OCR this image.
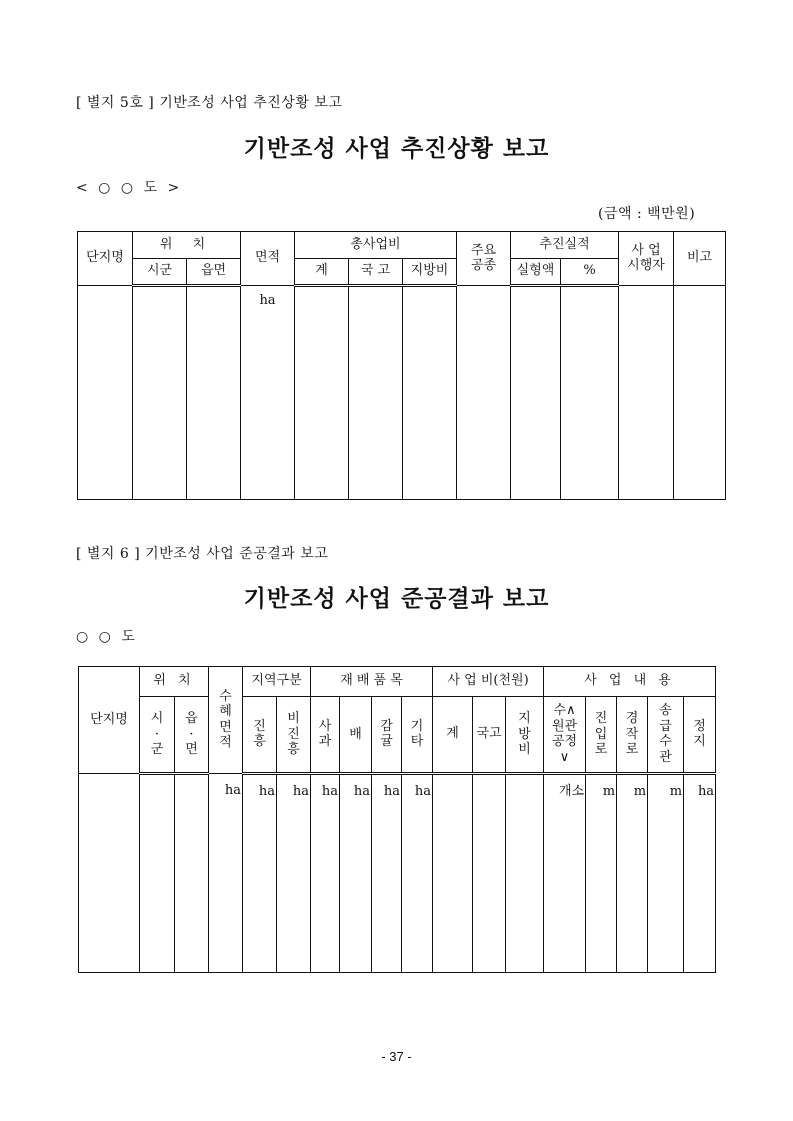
[ 별지 5호 ] 기반조성 사업 추진상황 보고
기반조성 사업 추진상황 보고
< ○ ○ 도 >
(금액 : 백만원)
단지명	위 치		면적	총사업비			주요 공종	추진실적		사 업 시행자	비고
	시군	읍면		계	국 고	지방비		실형액	%		
			ha								
[ 별지 6 ] 기반조성 사업 준공결과 보고
기반조성 사업 준공결과 보고
○ ○ 도
단지명	위 치		수혜면적	지역구분		재 배 품 목				사 업 비(천원)			사 업 내 용				
	시·군	읍·면		진흥	비진흥	사과	배	감귤	기타	계	국고	지방비	수∧원관공정∨	진입로	경작로	송급수관	정지
			ha	ha	ha	ha	ha	ha	ha				개소	m	m	m	ha
- 37 -
